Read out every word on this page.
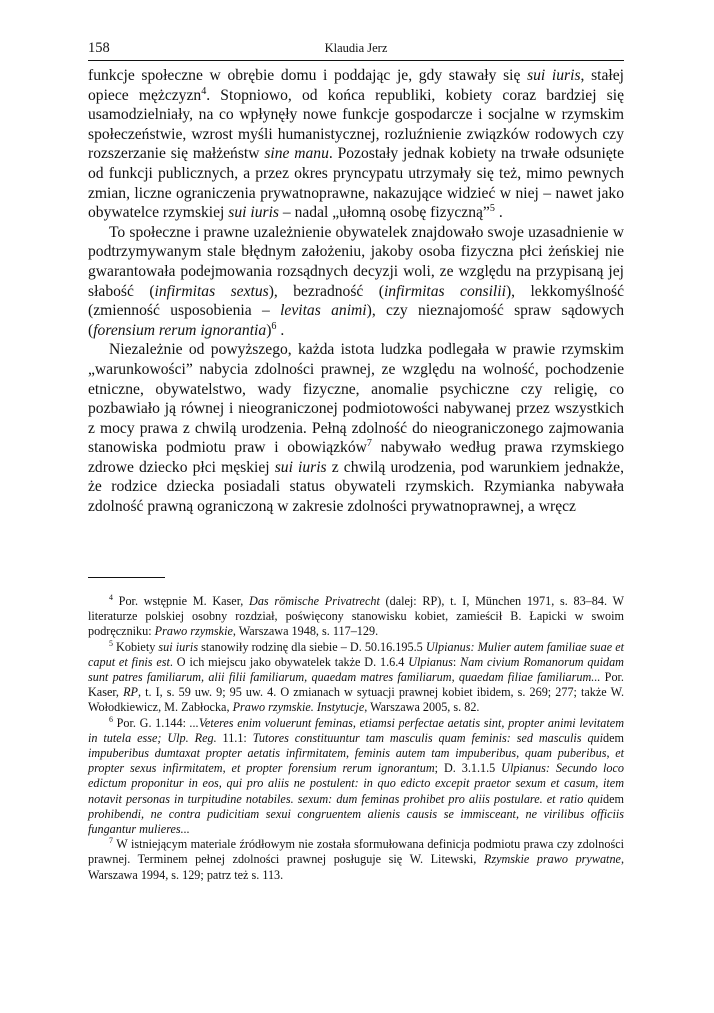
158	Klaudia Jerz

funkcje społeczne w obrębie domu i poddając je, gdy stawały się sui iuris, stałej opiece mężczyzn$^4$. Stopniowo, od końca republiki, kobiety coraz bardziej się usamodzielniały, na co wpłynęły nowe funkcje gospodarcze i socjalne w rzymskim społeczeństwie, wzrost myśli humanistycznej, rozluźnienie związków rodowych czy rozszerzanie się małżeństw sine manu. Pozostały jednak kobiety na trwałe odsunięte od funkcji publicznych, a przez okres pryncypatu utrzymały się też, mimo pewnych zmian, liczne ograniczenia prywatnoprawne, nakazujące widzieć w niej – nawet jako obywatelce rzymskiej sui iuris – nadal „ułomną osobę fizyczną”$^5$ .

To społeczne i prawne uzależnienie obywatelek znajdowało swoje uzasadnienie w podtrzymywanym stale błędnym założeniu, jakoby osoba fizyczna płci żeńskiej nie gwarantowała podejmowania rozsądnych decyzji woli, ze względu na przypisaną jej słabość (infirmitas sextus), bezradność (infirmitas consilii), lekkomyślność (zmienność usposobienia – levitas animi), czy nieznajomość spraw sądowych (forensium rerum ignorantia)$^6$ .

Niezależnie od powyższego, każda istota ludzka podlegała w prawie rzymskim „warunkowości” nabycia zdolności prawnej, ze względu na wolność, pochodzenie etniczne, obywatelstwo, wady fizyczne, anomalie psychiczne czy religię, co pozbawiało ją równej i nieograniczonej podmiotowości nabywanej przez wszystkich z mocy prawa z chwilą urodzenia. Pełną zdolność do nieograniczonego zajmowania stanowiska podmiotu praw i obowiązków$^7$ nabywało według prawa rzymskiego zdrowe dziecko płci męskiej sui iuris z chwilą urodzenia, pod warunkiem jednakże, że rodzice dziecka posiadali status obywateli rzymskich. Rzymianka nabywała zdolność prawną ograniczoną w zakresie zdolności prywatnoprawnej, a wręcz

$^4$ Por. wstępnie M. Kaser, Das römische Privatrecht (dalej: RP), t. I, München 1971, s. 83–84. W literaturze polskiej osobny rozdział, poświęcony stanowisku kobiet, zamieścił B. Łapicki w swoim podręczniku: Prawo rzymskie, Warszawa 1948, s. 117–129.

$^5$ Kobiety sui iuris stanowiły rodzinę dla siebie – D. 50.16.195.5 Ulpianus: Mulier autem familiae suae et caput et finis est. O ich miejscu jako obywatelek także D. 1.6.4 Ulpianus: Nam civium Romanorum quidam sunt patres familiarum, alii filii familiarum, quaedam matres familiarum, quaedam filiae familiarum... Por. Kaser, RP, t. I, s. 59 uw. 9; 95 uw. 4. O zmianach w sytuacji prawnej kobiet ibidem, s. 269; 277; także W. Wołodkiewicz, M. Zabłocka, Prawo rzymskie. Instytucje, Warszawa 2005, s. 82.

$^6$ Por. G. 1.144: ...Veteres enim voluerunt feminas, etiamsi perfectae aetatis sint, propter animi levitatem in tutela esse; Ulp. Reg. 11.1: Tutores constituuntur tam masculis quam feminis: sed masculis quidem impuberibus dumtaxat propter aetatis infirmitatem, feminis autem tam impuberibus, quam puberibus, et propter sexus infirmitatem, et propter forensium rerum ignorantum; D. 3.1.1.5 Ulpianus: Secundo loco edictum proponitur in eos, qui pro aliis ne postulent: in quo edicto excepit praetor sexum et casum, item notavit personas in turpitudine notabiles. sexum: dum feminas prohibet pro aliis postulare. et ratio quidem prohibendi, ne contra pudicitiam sexui congruentem alienis causis se immisceant, ne virilibus officiis fungantur mulieres...

$^7$ W istniejącym materiale źródłowym nie została sformułowana definicja podmiotu prawa czy zdolności prawnej. Terminem pełnej zdolności prawnej posługuje się W. Litewski, Rzymskie prawo prywatne, Warszawa 1994, s. 129; patrz też s. 113.
